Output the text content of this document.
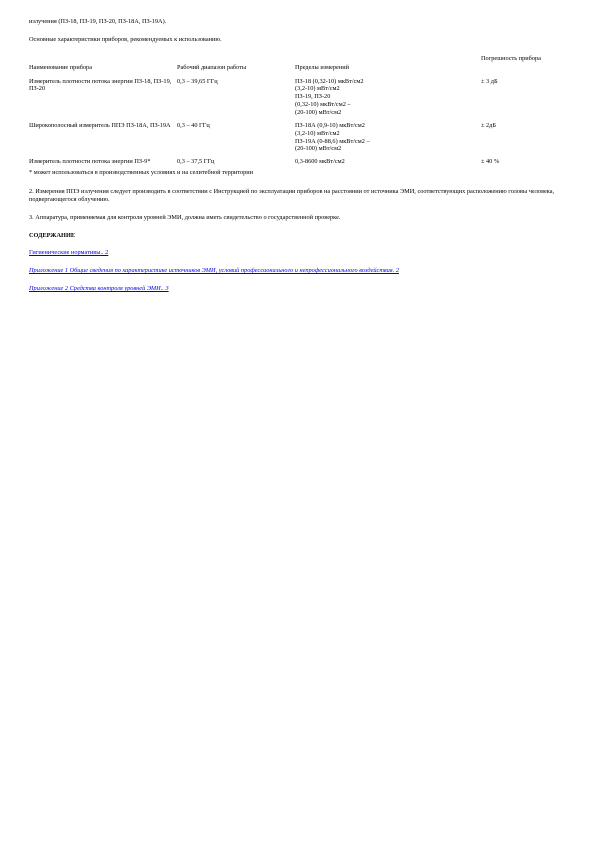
излучения (ПЗ-18, ПЗ-19, ПЗ-20, ПЗ-18А, ПЗ-19А).

Основные характеристики приборов, рекомендуемых к использованию.

Наименование прибора	Рабочий диапазон работы	Пределы измерений	Погрешность прибора
Измеритель плотности потока энергии ПЗ-18, ПЗ-19, ПЗ-20	0,3 – 39,65 ГГц	ПЗ-18 (0,32-10) мкВт/см2
(3,2-10) мВт/см2
ПЗ-19, ПЗ-20
(0,32-10) мкВт/см2 –
(20-100) мВт/см2	± 3 дБ
Широкополосный измеритель ППЭ ПЗ-18А, ПЗ-19А	0,3 – 40 ГГц	ПЗ-18А (0,9-10) мкВт/см2
(3,2-10) мВт/см2
ПЗ-19А (0-88,6) мкВт/см2 –
(20-100) мВт/см2	± 2дБ
Измеритель плотности потока энергии ПЗ-9*	0,3 – 37,5 ГГц	0,3-8600 мкВт/см2	± 40 %

* может использоваться в производственных условиях и на селитебной территории

2. Измерения ППЭ излучения следует производить в соответствии с Инструкцией по эксплуатации приборов на расстоянии от источника ЭМИ, соответствующих расположению головы человека, подвергающегося облучению.

3. Аппаратура, применяемая для контроля уровней ЭМИ, должна иметь свидетельство о государственной проверке.

СОДЕРЖАНИЕ

Гигиенические нормативы.. 2
Приложение 1 Общие сведения по характеристике источников ЭМИ, условий профессионального и непрофессионального воздействия. 2
Приложение 2 Средства контроля уровней ЭМИ.. 3
